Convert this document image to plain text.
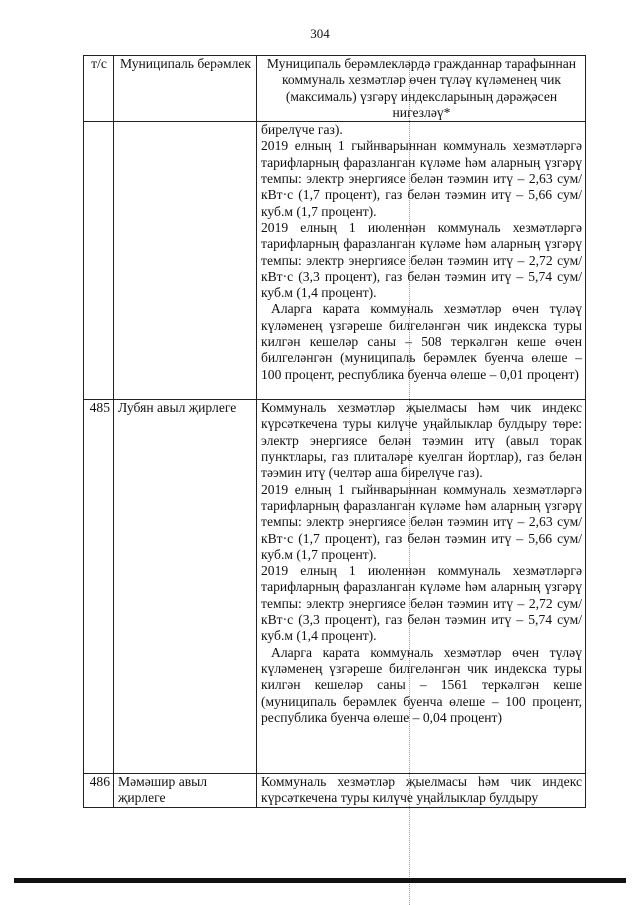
304
т/с	Муниципаль берәмлек	Муниципаль берәмлекләрдә гражданнар тарафыннан коммуналь хезмәтләр өчен түләү күләменең чик (максималь) үзгәрү индексларының дәрәҗәсен нигезләү*

		бирелүче газ).

2019 елның 1 гыйнварыннан коммуналь хезмәтләргә тарифларның фаразланган күләме һәм аларның үзгәрү темпы: электр энергиясе белән тәэмин итү – 2,63 сум/кВт·с (1,7 процент), газ белән тәэмин итү – 5,66 сум/куб.м (1,7 процент).

2019 елның 1 июленнән коммуналь хезмәтләргә тарифларның фаразланган күләме һәм аларның үзгәрү темпы: электр энергиясе белән тәэмин итү – 2,72 сум/кВт·с (3,3 процент), газ белән тәэмин итү – 5,74 сум/куб.м (1,4 процент).

Аларга карата коммуналь хезмәтләр өчен түләү күләменең үзгәреше билгеләнгән чик индекска туры килгән кешеләр саны – 508 теркәлгән кеше өчен билгеләнгән (муниципаль берәмлек буенча өлеше – 100 процент, республика буенча өлеше – 0,01 процент)

485	Лубян авыл җирлеге	Коммуналь хезмәтләр җыелмасы һәм чик индекс күрсәткечена туры килүче уңайлыклар булдыру төре: электр энергиясе белән тәэмин итү (авыл торак пунктлары, газ плиталәре куелган йортлар), газ белән тәэмин итү (челтәр аша бирелүче газ).

2019 елның 1 гыйнварыннан коммуналь хезмәтләргә тарифларның фаразланган күләме һәм аларның үзгәрү темпы: электр энергиясе белән тәэмин итү – 2,63 сум/кВт·с (1,7 процент), газ белән тәэмин итү – 5,66 сум/куб.м (1,7 процент).

2019 елның 1 июленнән коммуналь хезмәтләргә тарифларның фаразланган күләме һәм аларның үзгәрү темпы: электр энергиясе белән тәэмин итү – 2,72 сум/кВт·с (3,3 процент), газ белән тәэмин итү – 5,74 сум/куб.м (1,4 процент).

Аларга карата коммуналь хезмәтләр өчен түләү күләменең үзгәреше билгеләнгән чик индекска туры килгән кешеләр саны – 1561 теркәлгән кеше (муниципаль берәмлек буенча өлеше – 100 процент, республика буенча өлеше – 0,04 процент)

486	Мәмәшир авыл җирлеге	Коммуналь хезмәтләр җыелмасы һәм чик индекс күрсәткечена туры килүче уңайлыклар булдыру
